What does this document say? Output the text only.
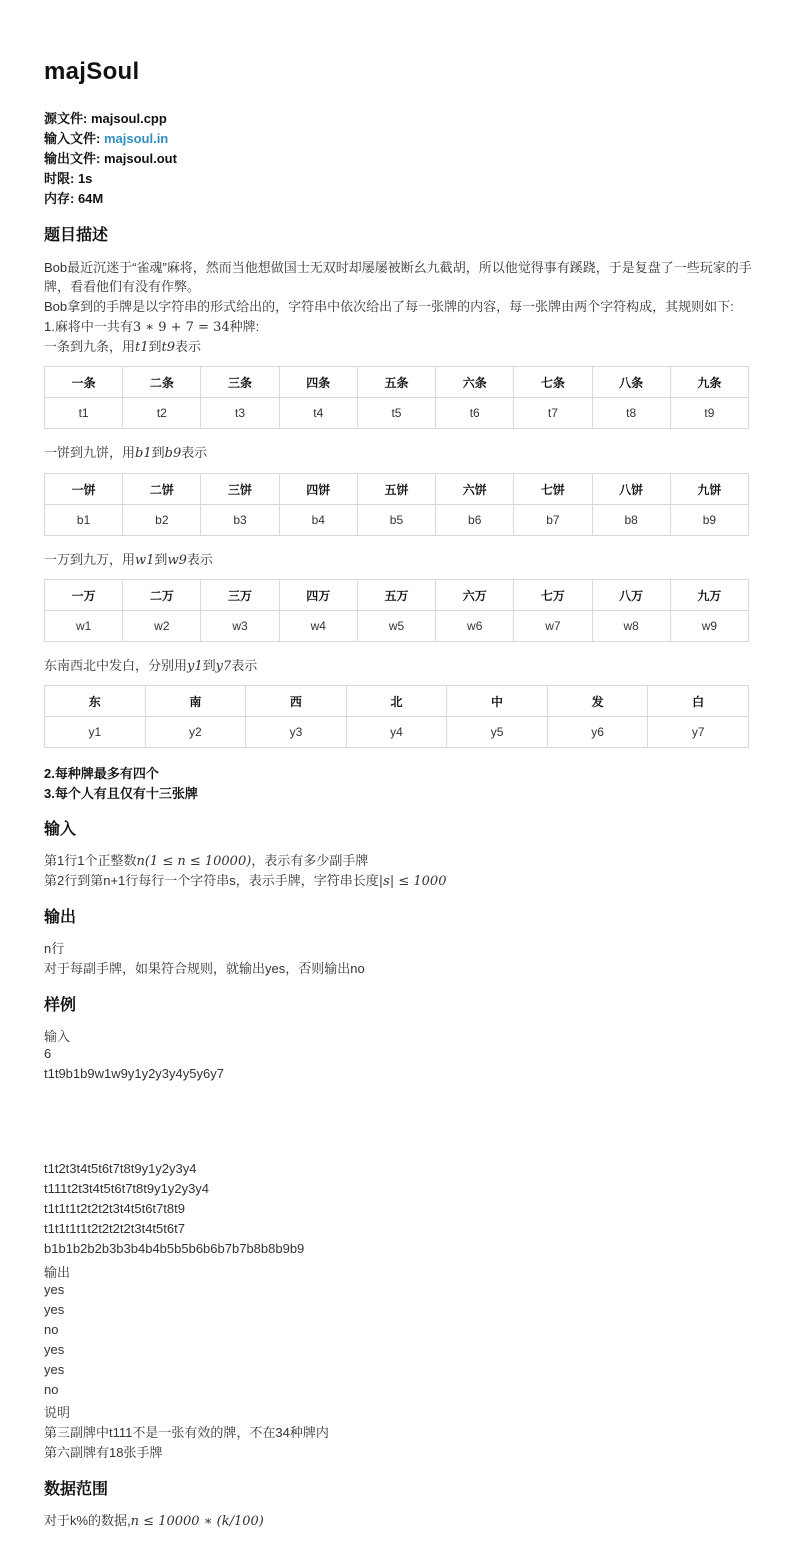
majSoul
源文件: majsoul.cpp
输入文件: majsoul.in
输出文件: majsoul.out
时限: 1s
内存: 64M
题目描述
Bob最近沉迷于“雀魂”麻将，然而当他想做国士无双时却屡屡被断幺九截胡，所以他觉得事有蹊跷，于是复盘了一些玩家的手
牌，看看他们有没有作弊。
Bob拿到的手牌是以字符串的形式给出的，字符串中依次给出了每一张牌的内容，每一张牌由两个字符构成，其规则如下:
1.麻将中一共有3 ∗ 9 + 7 = 34种牌:
一条到九条，用t1到t9表示
一条	二条	三条	四条	五条	六条	七条	八条	九条
t1	t2	t3	t4	t5	t6	t7	t8	t9
一饼到九饼，用b1到b9表示
一饼	二饼	三饼	四饼	五饼	六饼	七饼	八饼	九饼
b1	b2	b3	b4	b5	b6	b7	b8	b9
一万到九万，用w1到w9表示
一万	二万	三万	四万	五万	六万	七万	八万	九万
w1	w2	w3	w4	w5	w6	w7	w8	w9
东南西北中发白，分别用y1到y7表示
东	南	西	北	中	发	白
y1	y2	y3	y4	y5	y6	y7
2.每种牌最多有四个
3.每个人有且仅有十三张牌
输入
第1行1个正整数n(1 ≤ n ≤ 10000)，表示有多少副手牌
第2行到第n+1行每行一个字符串s，表示手牌，字符串长度|s| ≤ 1000
输出
n行
对于每副手牌，如果符合规则，就输出yes，否则输出no
样例
输入
6
t1t9b1b9w1w9y1y2y3y4y5y6y7
t1t2t3t4t5t6t7t8t9y1y2y3y4
t111t2t3t4t5t6t7t8t9y1y2y3y4
t1t1t1t2t2t2t3t4t5t6t7t8t9
t1t1t1t1t2t2t2t2t3t4t5t6t7
b1b1b2b2b3b3b4b4b5b5b6b6b7b7b8b8b9b9
输出
yes
yes
no
yes
yes
no
说明
第三副牌中t111不是一张有效的牌，不在34种牌内
第六副牌有18张手牌
数据范围
对于k%的数据,n ≤ 10000 ∗ (k/100)
